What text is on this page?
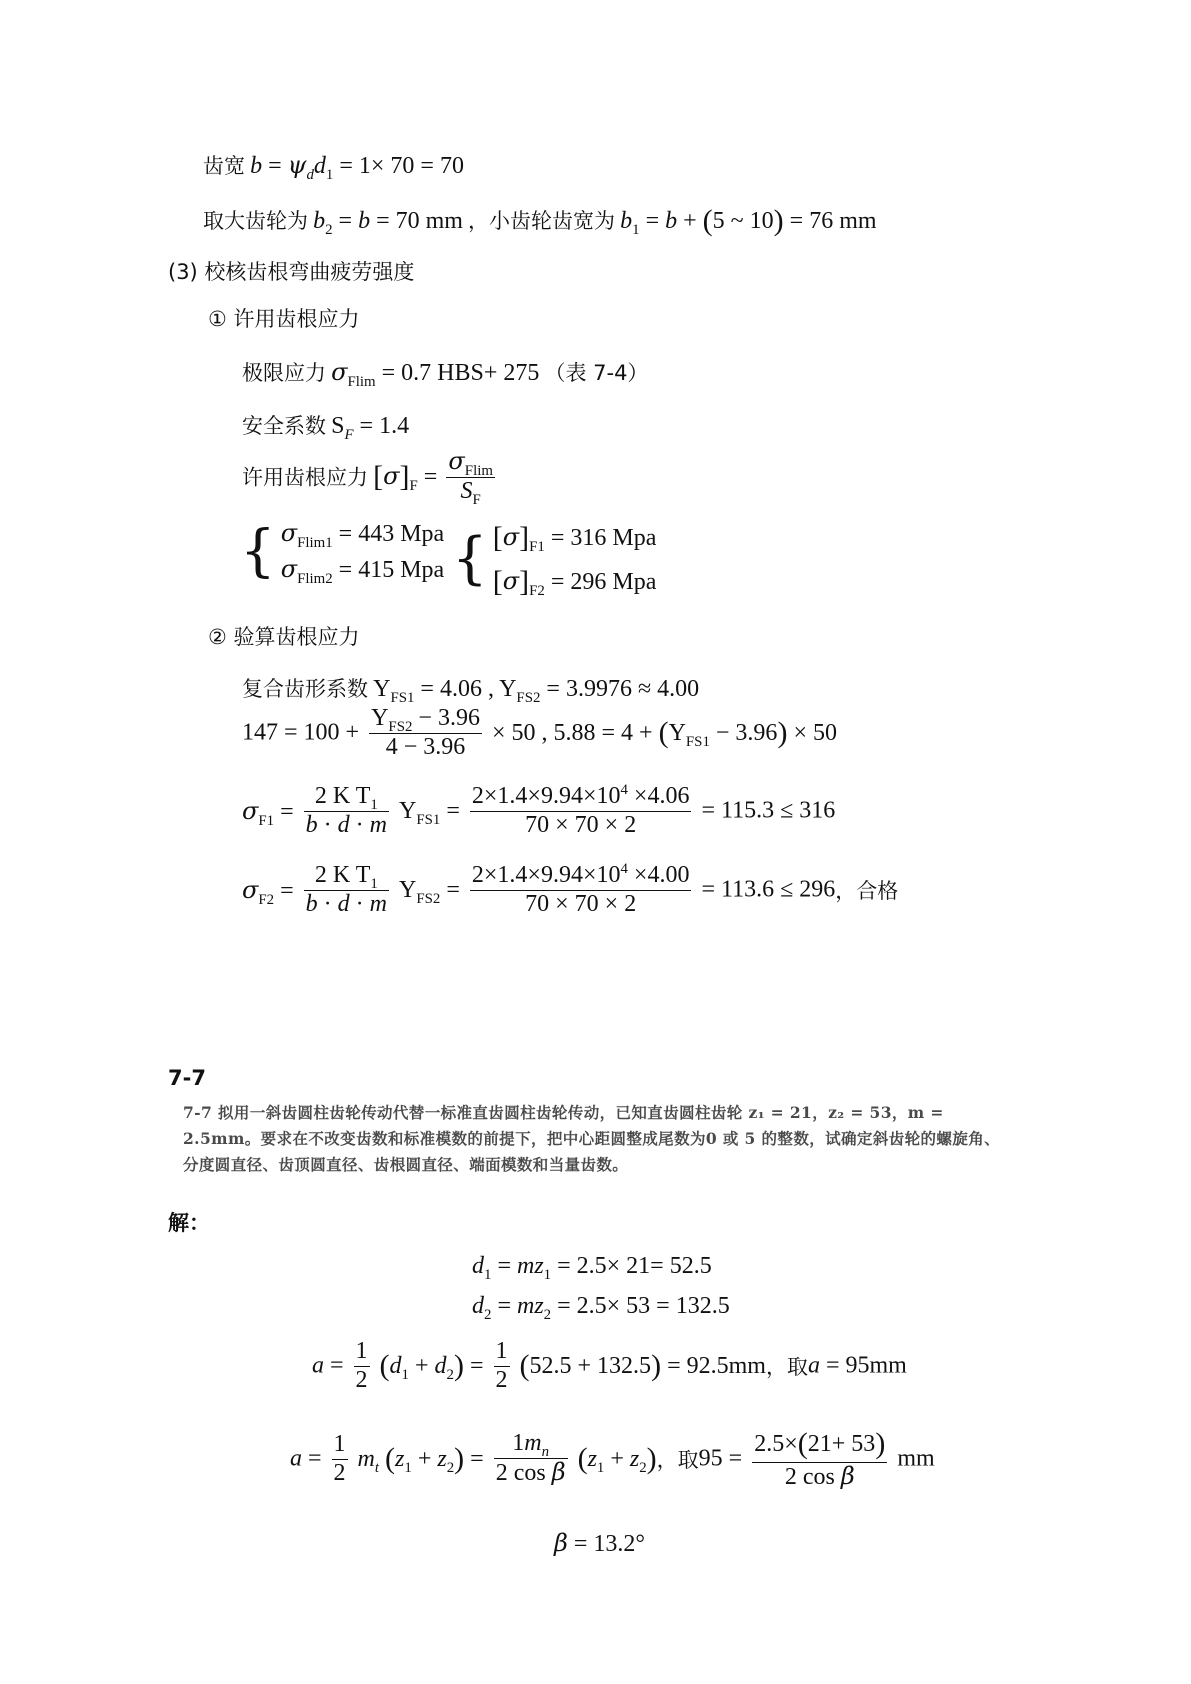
齿宽 $b = \psi_dd_1 = 1\times 70 = 70$
取大齿轮为 $b_2 = b = 70$ mm ，小齿轮齿宽为 $b_1 = b + (5$ ~ 10) = 76 mm
(3) 校核齿根弯曲疲劳强度
① 许用齿根应力
极限应力 $\sigma_{Flim} = 0.7$ HBS+ 275 （表 7-4）
安全系数 $S_F = 1.4$
许用齿根应力 $[\sigma]_F = \frac{\sigma_{Flim}}{S_F}$
{ $\sigma_{Flim1} = 443$ Mpa
$\sigma_{Flim2} = 415$ Mpa { $[\sigma]_{F1} = 316$ Mpa
$[\sigma]_{F2} = 296$ Mpa
② 验算齿根应力
复合齿形系数 $Y_{FS1} = 4.06$ , $Y_{FS2} = 3.9976 \approx 4.00$
$147 = 100 + \frac{Y_{FS2} - 3.96}{4 - 3.96} \times 50$ , $5.88 = 4 + (Y_{FS1} - 3.96) \times 50$
$\sigma_{F1} = \frac{2 K T_1}{b \cdot d \cdot m} Y_{FS1} = \frac{2\times 1.4\times 9.94\times 10^4 \times 4.06}{70 \times 70 \times 2} = 115.3 \le 316$
$\sigma_{F2} = \frac{2 K T_1}{b \cdot d \cdot m} Y_{FS2} = \frac{2\times 1.4\times 9.94\times 10^4 \times 4.00}{70 \times 70 \times 2} = 113.6 \le 296$，合格
7-7
7-7 拟用一斜齿圆柱齿轮传动代替一标准直齿圆柱齿轮传动，已知直齿圆柱齿轮 z₁ = 21，z₂ = 53，m = 2.5mm。要求在不改变齿数和标准模数的前提下，把中心距圆整成尾数为0 或 5 的整数，试确定斜齿轮的螺旋角、分度圆直径、齿顶圆直径、齿根圆直径、端面模数和当量齿数。
解：
$d_1 = mz_1 = 2.5\times 21= 52.5$
$d_2 = mz_2 = 2.5\times 53 = 132.5$
$a = \frac{1}{2} (d_1 + d_2) = \frac{1}{2} (52.5 + 132.5) = 92.5mm$，取a = 95mm
$a = \frac{1}{2} m_t$ $(z_1 + z_2) = \frac{1m_n}{\text{2 cos β}} (z_1 + z_2)$，取$95 = \frac{2.5\times(21+ 53)}{\text{2 cos β}}$ mm
β = 13.2°
